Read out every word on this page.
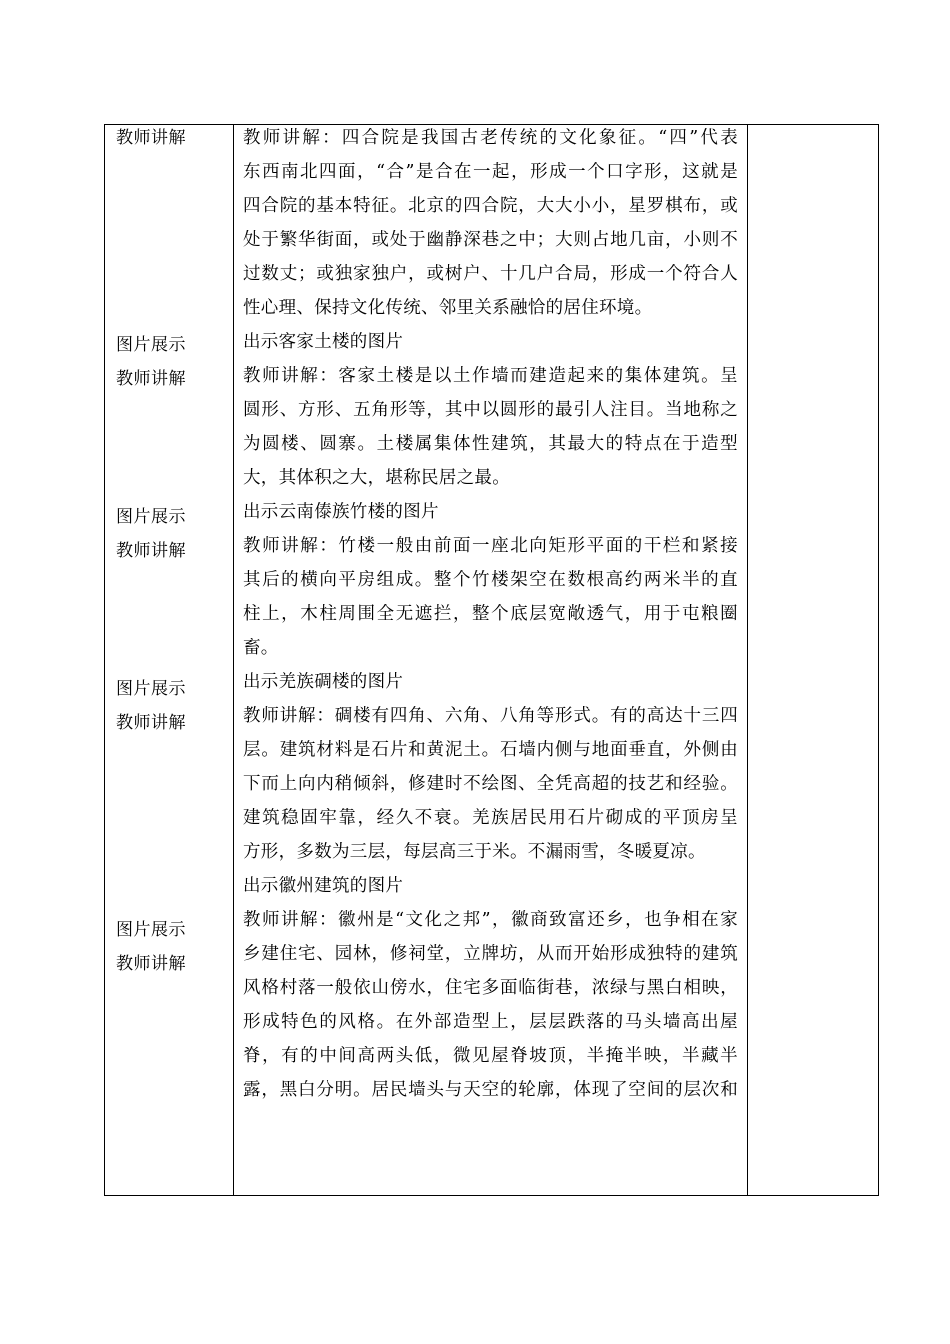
教师讲解
图片展示
教师讲解
图片展示
教师讲解
图片展示
教师讲解
图片展示
教师讲解
教师讲解：四合院是我国古老传统的文化象征。“四”代表
东西南北四面，“合”是合在一起，形成一个口字形，这就是
四合院的基本特征。北京的四合院，大大小小，星罗棋布，或
处于繁华街面，或处于幽静深巷之中；大则占地几亩，小则不
过数丈；或独家独户，或树户、十几户合局，形成一个符合人
性心理、保持文化传统、邻里关系融恰的居住环境。
出示客家土楼的图片
教师讲解：客家土楼是以土作墙而建造起来的集体建筑。呈
圆形、方形、五角形等，其中以圆形的最引人注目。当地称之
为圆楼、圆寨。土楼属集体性建筑，其最大的特点在于造型
大，其体积之大，堪称民居之最。
出示云南傣族竹楼的图片
教师讲解：竹楼一般由前面一座北向矩形平面的干栏和紧接
其后的横向平房组成。整个竹楼架空在数根高约两米半的直
柱上，木柱周围全无遮拦，整个底层宽敞透气，用于屯粮圈
畜。
出示羌族碉楼的图片
教师讲解：碉楼有四角、六角、八角等形式。有的高达十三四
层。建筑材料是石片和黄泥土。石墙内侧与地面垂直，外侧由
下而上向内稍倾斜，修建时不绘图、全凭高超的技艺和经验。
建筑稳固牢靠，经久不衰。羌族居民用石片砌成的平顶房呈
方形，多数为三层，每层高三于米。不漏雨雪，冬暖夏凉。
出示徽州建筑的图片
教师讲解：徽州是“文化之邦”，徽商致富还乡，也争相在家
乡建住宅、园林，修祠堂，立牌坊，从而开始形成独特的建筑
风格村落一般依山傍水，住宅多面临街巷，浓绿与黑白相映，
形成特色的风格。在外部造型上，层层跌落的马头墙高出屋
脊，有的中间高两头低，微见屋脊坡顶，半掩半映，半藏半
露，黑白分明。居民墙头与天空的轮廓，体现了空间的层次和
